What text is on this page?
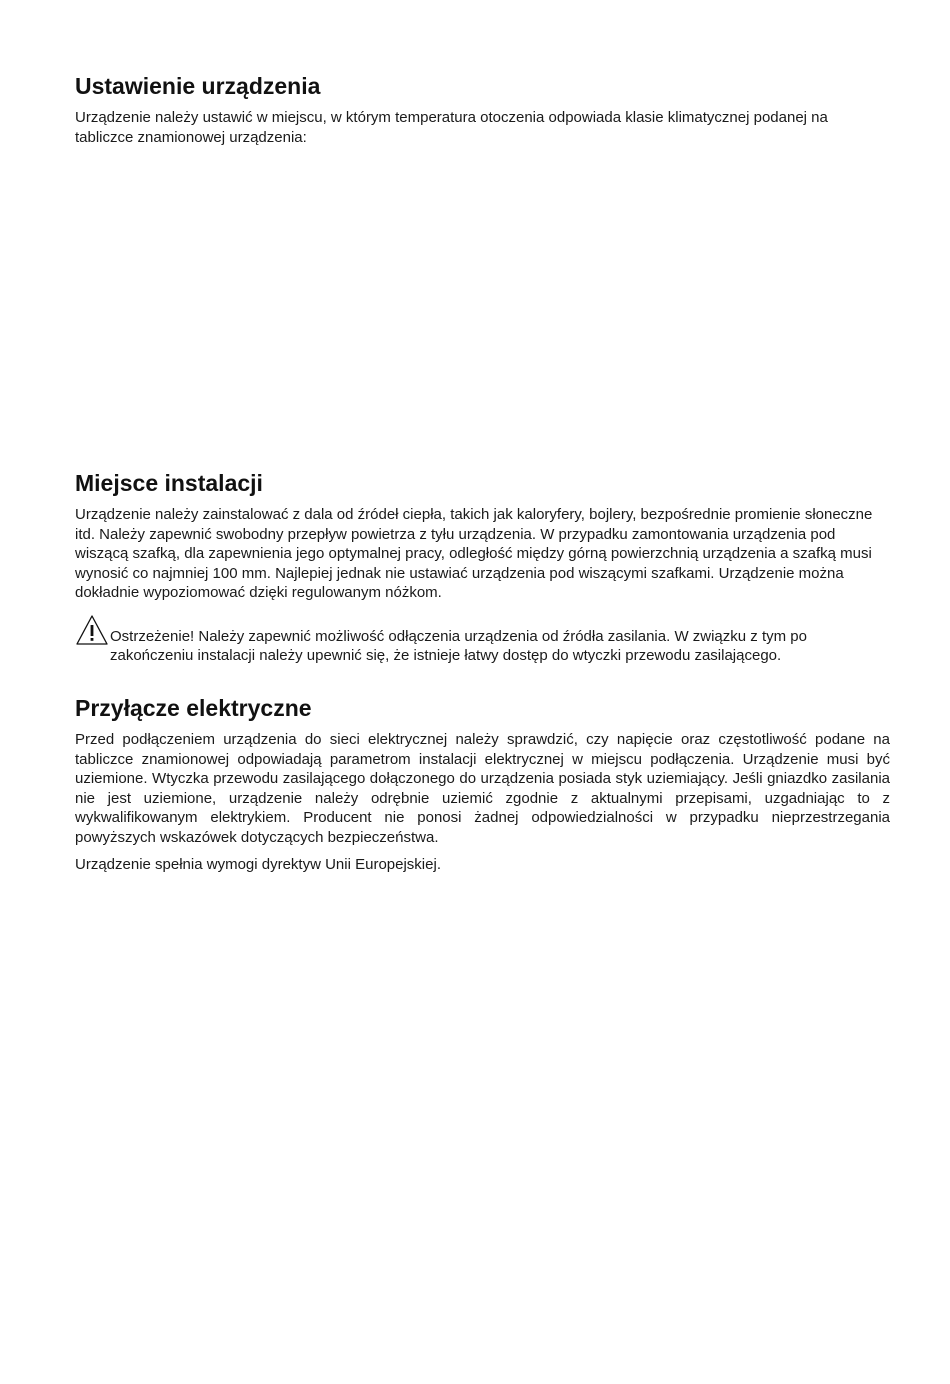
Ustawienie urządzenia

Urządzenie należy ustawić w miejscu, w którym temperatura otoczenia odpowiada klasie klimatycznej podanej na tabliczce znamionowej urządzenia:

Miejsce instalacji

Urządzenie należy zainstalować z dala od źródeł ciepła, takich jak kaloryfery, bojlery, bezpośrednie promienie słoneczne itd. Należy zapewnić swobodny przepływ powietrza z tyłu urządzenia. W przypadku zamontowania urządzenia pod wiszącą szafką, dla zapewnienia jego optymalnej pracy, odległość między górną powierzchnią urządzenia a szafką musi wynosić co najmniej 100 mm. Najlepiej jednak nie ustawiać urządzenia pod wiszącymi szafkami. Urządzenie można dokładnie wypoziomować dzięki regulowanym nóżkom.

Ostrzeżenie! Należy zapewnić możliwość odłączenia urządzenia od źródła zasilania. W związku z tym po zakończeniu instalacji należy upewnić się, że istnieje łatwy dostęp do wtyczki przewodu zasilającego.

Przyłącze elektryczne

Przed podłączeniem urządzenia do sieci elektrycznej należy sprawdzić, czy napięcie oraz częstotliwość podane na tabliczce znamionowej odpowiadają parametrom instalacji elektrycznej w miejscu podłączenia. Urządzenie musi być uziemione. Wtyczka przewodu zasilającego dołączonego do urządzenia posiada styk uziemiający. Jeśli gniazdko zasilania nie jest uziemione, urządzenie należy odrębnie uziemić zgodnie z aktualnymi przepisami, uzgadniając to z wykwalifikowanym elektrykiem. Producent nie ponosi żadnej odpowiedzialności w przypadku nieprzestrzegania powyższych wskazówek dotyczących bezpieczeństwa.

Urządzenie spełnia wymogi dyrektyw Unii Europejskiej.
